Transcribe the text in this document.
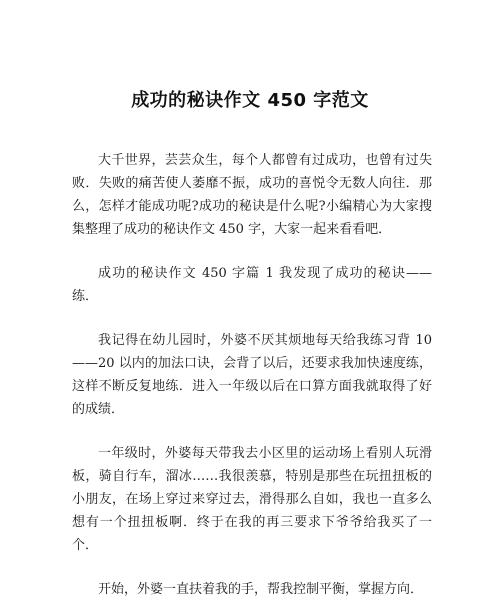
成功的秘诀作文 450 字范文

大千世界，芸芸众生，每个人都曾有过成功，也曾有过失败．失败的痛苦使人萎靡不振，成功的喜悦令无数人向往．那么，怎样才能成功呢?成功的秘诀是什么呢?小编精心为大家搜集整理了成功的秘诀作文 450 字，大家一起来看看吧．

成功的秘诀作文 450 字篇 1 我发现了成功的秘诀——练．

我记得在幼儿园时，外婆不厌其烦地每天给我练习背 10——20 以内的加法口诀，会背了以后，还要求我加快速度练，这样不断反复地练．进入一年级以后在口算方面我就取得了好的成绩．

一年级时，外婆每天带我去小区里的运动场上看别人玩滑板，骑自行车，溜冰……我很羡慕，特别是那些在玩扭扭板的小朋友，在场上穿过来穿过去，滑得那么自如，我也一直多么想有一个扭扭板啊．终于在我的再三要求下爷爷给我买了一个．

开始，外婆一直扶着我的手，帮我控制平衡，掌握方向．
